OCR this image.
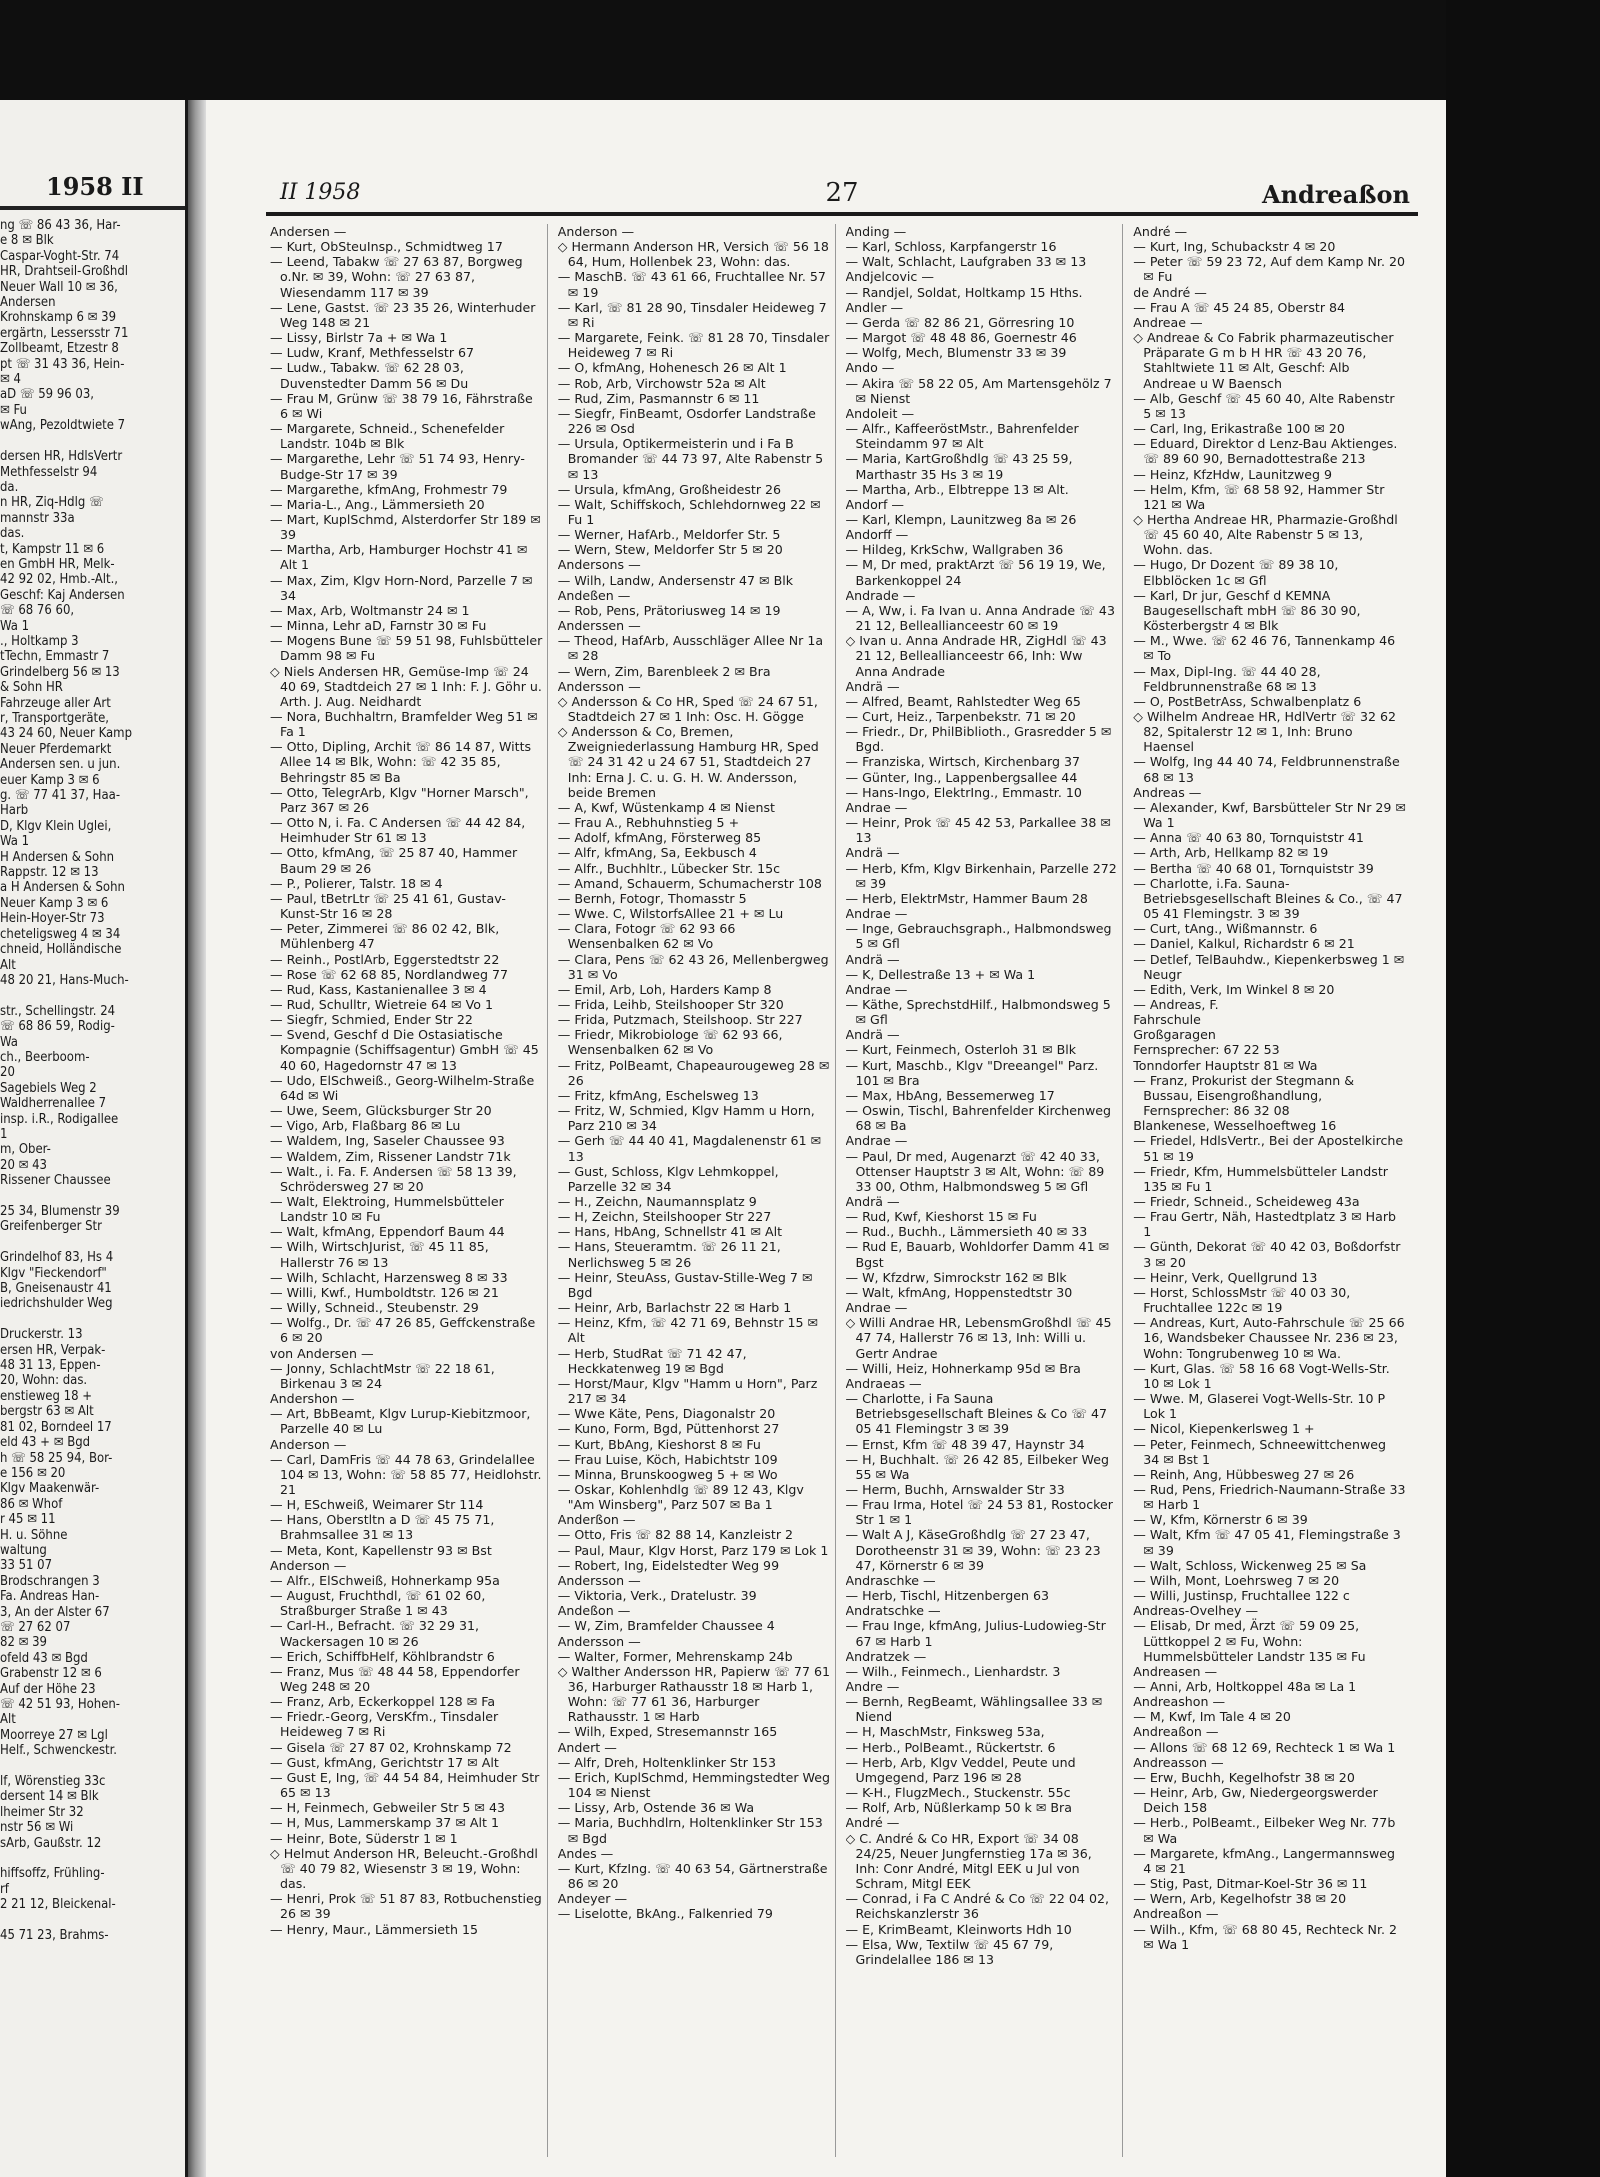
1958 II
ng ☏ 86 43 36, Har-
e 8 ✉ Blk
Caspar-Voght-Str. 74
HR, Drahtseil-Großhdl
Neuer Wall 10 ✉ 36,
Andersen
Krohnskamp 6 ✉ 39
ergärtn, Lessersstr 71
Zollbeamt, Etzestr 8
pt ☏ 31 43 36, Hein-
✉ 4
aD ☏ 59 96 03,
✉ Fu
wAng, Pezoldtwiete 7

dersen HR, HdlsVertr
Methfesselstr 94
da.
n HR, Ziq-Hdlg ☏
mannstr 33a
das.
t, Kampstr 11 ✉ 6
en GmbH HR, Melk-
42 92 02, Hmb.-Alt.,
Geschf: Kaj Andersen
☏ 68 76 60,
Wa 1
., Holtkamp 3
tTechn, Emmastr 7
Grindelberg 56 ✉ 13
& Sohn HR
Fahrzeuge aller Art
r, Transportgeräte,
43 24 60, Neuer Kamp
Neuer Pferdemarkt
Andersen sen. u jun.
euer Kamp 3 ✉ 6
g. ☏ 77 41 37, Haa-
Harb
D, Klgv Klein Uglei,
Wa 1
H Andersen & Sohn
Rappstr. 12 ✉ 13
a H Andersen & Sohn
Neuer Kamp 3 ✉ 6
Hein-Hoyer-Str 73
cheteligsweg 4 ✉ 34
chneid, Holländische
Alt
48 20 21, Hans-Much-

str., Schellingstr. 24
☏ 68 86 59, Rodig-
Wa
ch., Beerboom-
20
Sagebiels Weg 2
Waldherrenallee 7
insp. i.R., Rodigallee
1
m, Ober-
20 ✉ 43
Rissener Chaussee

25 34, Blumenstr 39
Greifenberger Str

Grindelhof 83, Hs 4
Klgv "Fieckendorf"
B, Gneisenaustr 41
iedrichshulder Weg

Druckerstr. 13
ersen HR, Verpak-
48 31 13, Eppen-
20, Wohn: das.
enstieweg 18 +
bergstr 63 ✉ Alt
81 02, Borndeel 17
eld 43 + ✉ Bgd
h ☏ 58 25 94, Bor-
e 156 ✉ 20
Klgv Maakenwär-
86 ✉ Whof
r 45 ✉ 11
H. u. Söhne
waltung
33 51 07
Brodschrangen 3
Fa. Andreas Han-
3, An der Alster 67
☏ 27 62 07
82 ✉ 39
ofeld 43 ✉ Bgd
Grabenstr 12 ✉ 6
Auf der Höhe 23
☏ 42 51 93, Hohen-
Alt
Moorreye 27 ✉ Lgl
Helf., Schwenckestr.

lf, Wörenstieg 33c
dersent 14 ✉ Blk
lheimer Str 32
nstr 56 ✉ Wi
sArb, Gaußstr. 12

hiffsoffz, Frühling-
rf
2 21 12, Bleickenal-

45 71 23, Brahms-
II 1958	27	Andreaßon

Andersen —

— Kurt, ObSteuInsp., Schmidtweg 17

— Leend, Tabakw ☏ 27 63 87, Borgweg o.Nr. ✉ 39, Wohn: ☏ 27 63 87, Wiesendamm 117 ✉ 39

— Lene, Gastst. ☏ 23 35 26, Winterhuder Weg 148 ✉ 21

— Lissy, Birlstr 7a + ✉ Wa 1

— Ludw, Kranf, Methfesselstr 67

— Ludw., Tabakw. ☏ 62 28 03, Duvenstedter Damm 56 ✉ Du

— Frau M, Grünw ☏ 38 79 16, Fährstraße 6 ✉ Wi

— Margarete, Schneid., Schenefelder Landstr. 104b ✉ Blk

— Margarethe, Lehr ☏ 51 74 93, Henry-Budge-Str 17 ✉ 39

— Margarethe, kfmAng, Frohmestr 79

— Maria-L., Ang., Lämmersieth 20

— Mart, KuplSchmd, Alsterdorfer Str 189 ✉ 39

— Martha, Arb, Hamburger Hochstr 41 ✉ Alt 1

— Max, Zim, Klgv Horn-Nord, Parzelle 7 ✉ 34

— Max, Arb, Woltmanstr 24 ✉ 1

— Minna, Lehr aD, Farnstr 30 ✉ Fu

— Mogens Bune ☏ 59 51 98, Fuhlsbütteler Damm 98 ✉ Fu

◇ Niels Andersen HR, Gemüse-Imp ☏ 24 40 69, Stadtdeich 27 ✉ 1 Inh: F. J. Göhr u. Arth. J. Aug. Neidhardt

— Nora, Buchhaltrn, Bramfelder Weg 51 ✉ Fa 1

— Otto, Dipling, Archit ☏ 86 14 87, Witts Allee 14 ✉ Blk, Wohn: ☏ 42 35 85, Behringstr 85 ✉ Ba

— Otto, TelegrArb, Klgv "Horner Marsch", Parz 367 ✉ 26

— Otto N, i. Fa. C Andersen ☏ 44 42 84, Heimhuder Str 61 ✉ 13

— Otto, kfmAng, ☏ 25 87 40, Hammer Baum 29 ✉ 26

— P., Polierer, Talstr. 18 ✉ 4

— Paul, tBetrLtr ☏ 25 41 61, Gustav-Kunst-Str 16 ✉ 28

— Peter, Zimmerei ☏ 86 02 42, Blk, Mühlenberg 47

— Reinh., PostlArb, Eggerstedtstr 22

— Rose ☏ 62 68 85, Nordlandweg 77

— Rud, Kass, Kastanienallee 3 ✉ 4

— Rud, Schulltr, Wietreie 64 ✉ Vo 1

— Siegfr, Schmied, Ender Str 22

— Svend, Geschf d Die Ostasiatische Kompagnie (Schiffsagentur) GmbH ☏ 45 40 60, Hagedornstr 47 ✉ 13

— Udo, ElSchweiß., Georg-Wilhelm-Straße 64d ✉ Wi

— Uwe, Seem, Glücksburger Str 20

— Vigo, Arb, Flaßbarg 86 ✉ Lu

— Waldem, Ing, Saseler Chaussee 93

— Waldem, Zim, Rissener Landstr 71k

— Walt., i. Fa. F. Andersen ☏ 58 13 39, Schrödersweg 27 ✉ 20

— Walt, Elektroing, Hummelsbütteler Landstr 10 ✉ Fu

— Walt, kfmAng, Eppendorf Baum 44

— Wilh, WirtschJurist, ☏ 45 11 85, Hallerstr 76 ✉ 13

— Wilh, Schlacht, Harzensweg 8 ✉ 33

— Willi, Kwf., Humboldtstr. 126 ✉ 21

— Willy, Schneid., Steubenstr. 29

— Wolfg., Dr. ☏ 47 26 85, Geffckenstraße 6 ✉ 20

von Andersen —

— Jonny, SchlachtMstr ☏ 22 18 61, Birkenau 3 ✉ 24

Andershon —

— Art, BbBeamt, Klgv Lurup-Kiebitzmoor, Parzelle 40 ✉ Lu

Anderson —

— Carl, DamFris ☏ 44 78 63, Grindelallee 104 ✉ 13, Wohn: ☏ 58 85 77, Heidlohstr. 21

— H, ESchweiß, Weimarer Str 114

— Hans, Oberstltn a D ☏ 45 75 71, Brahmsallee 31 ✉ 13

— Meta, Kont, Kapellenstr 93 ✉ Bst

Anderson —

— Alfr., ElSchweiß, Hohnerkamp 95a

— August, Fruchthdl, ☏ 61 02 60, Straßburger Straße 1 ✉ 43

— Carl-H., Befracht. ☏ 32 29 31, Wackersagen 10 ✉ 26

— Erich, SchiffbHelf, Köhlbrandstr 6

— Franz, Mus ☏ 48 44 58, Eppendorfer Weg 248 ✉ 20

— Franz, Arb, Eckerkoppel 128 ✉ Fa

— Friedr.-Georg, VersKfm., Tinsdaler Heideweg 7 ✉ Ri

— Gisela ☏ 27 87 02, Krohnskamp 72

— Gust, kfmAng, Gerichtstr 17 ✉ Alt

— Gust E, Ing, ☏ 44 54 84, Heimhuder Str 65 ✉ 13

— H, Feinmech, Gebweiler Str 5 ✉ 43

— H, Mus, Lammerskamp 37 ✉ Alt 1

— Heinr, Bote, Süderstr 1 ✉ 1

◇ Helmut Anderson HR, Beleucht.-Großhdl ☏ 40 79 82, Wiesenstr 3 ✉ 19, Wohn: das.

— Henri, Prok ☏ 51 87 83, Rotbuchenstieg 26 ✉ 39

— Henry, Maur., Lämmersieth 15

Anderson —

◇ Hermann Anderson HR, Versich ☏ 56 18 64, Hum, Hollenbek 23, Wohn: das.

— MaschB. ☏ 43 61 66, Fruchtallee Nr. 57 ✉ 19

— Karl, ☏ 81 28 90, Tinsdaler Heideweg 7 ✉ Ri

— Margarete, Feink. ☏ 81 28 70, Tinsdaler Heideweg 7 ✉ Ri

— O, kfmAng, Hohenesch 26 ✉ Alt 1

— Rob, Arb, Virchowstr 52a ✉ Alt

— Rud, Zim, Pasmannstr 6 ✉ 11

— Siegfr, FinBeamt, Osdorfer Landstraße 226 ✉ Osd

— Ursula, Optikermeisterin und i Fa B Bromander ☏ 44 73 97, Alte Rabenstr 5 ✉ 13

— Ursula, kfmAng, Großheidestr 26

— Walt, Schiffskoch, Schlehdornweg 22 ✉ Fu 1

— Werner, HafArb., Meldorfer Str. 5

— Wern, Stew, Meldorfer Str 5 ✉ 20

Andersons —

— Wilh, Landw, Andersenstr 47 ✉ Blk

Andeßen —

— Rob, Pens, Prätoriusweg 14 ✉ 19

Anderssen —

— Theod, HafArb, Ausschläger Allee Nr 1a ✉ 28

— Wern, Zim, Barenbleek 2 ✉ Bra

Andersson —

◇ Andersson & Co HR, Sped ☏ 24 67 51, Stadtdeich 27 ✉ 1 Inh: Osc. H. Gögge

◇ Andersson & Co, Bremen, Zweigniederlassung Hamburg HR, Sped ☏ 24 31 42 u 24 67 51, Stadtdeich 27 Inh: Erna J. C. u. G. H. W. Andersson, beide Bremen

— A, Kwf, Wüstenkamp 4 ✉ Nienst

— Frau A., Rebhuhnstieg 5 +

— Adolf, kfmAng, Försterweg 85

— Alfr, kfmAng, Sa, Eekbusch 4

— Alfr., Buchhltr., Lübecker Str. 15c

— Amand, Schauerm, Schumacherstr 108

— Bernh, Fotogr, Thomasstr 5

— Wwe. C, WilstorfsAllee 21 + ✉ Lu

— Clara, Fotogr ☏ 62 93 66 Wensenbalken 62 ✉ Vo

— Clara, Pens ☏ 62 43 26, Mellenbergweg 31 ✉ Vo

— Emil, Arb, Loh, Harders Kamp 8

— Frida, Leihb, Steilshooper Str 320

— Frida, Putzmach, Steilshoop. Str 227

— Friedr, Mikrobiologe ☏ 62 93 66, Wensenbalken 62 ✉ Vo

— Fritz, PolBeamt, Chapeaurougeweg 28 ✉ 26

— Fritz, kfmAng, Eschelsweg 13

— Fritz, W, Schmied, Klgv Hamm u Horn, Parz 210 ✉ 34

— Gerh ☏ 44 40 41, Magdalenenstr 61 ✉ 13

— Gust, Schloss, Klgv Lehmkoppel, Parzelle 32 ✉ 34

— H., Zeichn, Naumannsplatz 9

— H, Zeichn, Steilshooper Str 227

— Hans, HbAng, Schnellstr 41 ✉ Alt

— Hans, Steueramtm. ☏ 26 11 21, Nerlichsweg 5 ✉ 26

— Heinr, SteuAss, Gustav-Stille-Weg 7 ✉ Bgd

— Heinr, Arb, Barlachstr 22 ✉ Harb 1

— Heinz, Kfm, ☏ 42 71 69, Behnstr 15 ✉ Alt

— Herb, StudRat ☏ 71 42 47, Heckkatenweg 19 ✉ Bgd

— Horst/Maur, Klgv "Hamm u Horn", Parz 217 ✉ 34

— Wwe Käte, Pens, Diagonalstr 20

— Kuno, Form, Bgd, Püttenhorst 27

— Kurt, BbAng, Kieshorst 8 ✉ Fu

— Frau Luise, Köch, Habichtstr 109

— Minna, Brunskoogweg 5 + ✉ Wo

— Oskar, Kohlenhdlg ☏ 89 12 43, Klgv "Am Winsberg", Parz 507 ✉ Ba 1

Anderßon —

— Otto, Fris ☏ 82 88 14, Kanzleistr 2

— Paul, Maur, Klgv Horst, Parz 179 ✉ Lok 1

— Robert, Ing, Eidelstedter Weg 99

Andersson —

— Viktoria, Verk., Dratelustr. 39

Andeßon —

— W, Zim, Bramfelder Chaussee 4

Andersson —

— Walter, Former, Mehrenskamp 24b

◇ Walther Andersson HR, Papierw ☏ 77 61 36, Harburger Rathausstr 18 ✉ Harb 1, Wohn: ☏ 77 61 36, Harburger Rathausstr. 1 ✉ Harb

— Wilh, Exped, Stresemannstr 165

Andert —

— Alfr, Dreh, Holtenklinker Str 153

— Erich, KuplSchmd, Hemmingstedter Weg 104 ✉ Nienst

— Lissy, Arb, Ostende 36 ✉ Wa

— Maria, Buchhdlrn, Holtenklinker Str 153 ✉ Bgd

Andes —

— Kurt, KfzIng. ☏ 40 63 54, Gärtnerstraße 86 ✉ 20

Andeyer —

— Liselotte, BkAng., Falkenried 79

Anding —

— Karl, Schloss, Karpfangerstr 16

— Walt, Schlacht, Laufgraben 33 ✉ 13

Andjelcovic —

— Randjel, Soldat, Holtkamp 15 Hths.

Andler —

— Gerda ☏ 82 86 21, Görresring 10

— Margot ☏ 48 48 86, Goernestr 46

— Wolfg, Mech, Blumenstr 33 ✉ 39

Ando —

— Akira ☏ 58 22 05, Am Martensgehölz 7 ✉ Nienst

Andoleit —

— Alfr., KaffeeröstMstr., Bahrenfelder Steindamm 97 ✉ Alt

— Maria, KartGroßhdlg ☏ 43 25 59, Marthastr 35 Hs 3 ✉ 19

— Martha, Arb., Elbtreppe 13 ✉ Alt.

Andorf —

— Karl, Klempn, Launitzweg 8a ✉ 26

Andorff —

— Hildeg, KrkSchw, Wallgraben 36

— M, Dr med, praktArzt ☏ 56 19 19, We, Barkenkoppel 24

Andrade —

— A, Ww, i. Fa Ivan u. Anna Andrade ☏ 43 21 12, Belleallianceestr 60 ✉ 19

◇ Ivan u. Anna Andrade HR, ZigHdl ☏ 43 21 12, Belleallianceestr 66, Inh: Ww Anna Andrade

Andrä —

— Alfred, Beamt, Rahlstedter Weg 65

— Curt, Heiz., Tarpenbekstr. 71 ✉ 20

— Friedr., Dr, PhilBiblioth., Grasredder 5 ✉ Bgd.

— Franziska, Wirtsch, Kirchenbarg 37

— Günter, Ing., Lappenbergsallee 44

— Hans-Ingo, ElektrIng., Emmastr. 10

Andrae —

— Heinr, Prok ☏ 45 42 53, Parkallee 38 ✉ 13

Andrä —

— Herb, Kfm, Klgv Birkenhain, Parzelle 272 ✉ 39

— Herb, ElektrMstr, Hammer Baum 28

Andrae —

— Inge, Gebrauchsgraph., Halbmondsweg 5 ✉ Gfl

Andrä —

— K, Dellestraße 13 + ✉ Wa 1

Andrae —

— Käthe, SprechstdHilf., Halbmondsweg 5 ✉ Gfl

Andrä —

— Kurt, Feinmech, Osterloh 31 ✉ Blk

— Kurt, Maschb., Klgv "Dreeangel" Parz. 101 ✉ Bra

— Max, HbAng, Bessemerweg 17

— Oswin, Tischl, Bahrenfelder Kirchenweg 68 ✉ Ba

Andrae —

— Paul, Dr med, Augenarzt ☏ 42 40 33, Ottenser Hauptstr 3 ✉ Alt, Wohn: ☏ 89 33 00, Othm, Halbmondsweg 5 ✉ Gfl

Andrä —

— Rud, Kwf, Kieshorst 15 ✉ Fu

— Rud., Buchh., Lämmersieth 40 ✉ 33

— Rud E, Bauarb, Wohldorfer Damm 41 ✉ Bgst

— W, Kfzdrw, Simrockstr 162 ✉ Blk

— Walt, kfmAng, Hoppenstedtstr 30

Andrae —

◇ Willi Andrae HR, LebensmGroßhdl ☏ 45 47 74, Hallerstr 76 ✉ 13, Inh: Willi u. Gertr Andrae

— Willi, Heiz, Hohnerkamp 95d ✉ Bra

Andraeas —

— Charlotte, i Fa Sauna Betriebsgesellschaft Bleines & Co ☏ 47 05 41 Flemingstr 3 ✉ 39

— Ernst, Kfm ☏ 48 39 47, Haynstr 34

— H, Buchhalt. ☏ 26 42 85, Eilbeker Weg 55 ✉ Wa

— Herm, Buchh, Arnswalder Str 33

— Frau Irma, Hotel ☏ 24 53 81, Rostocker Str 1 ✉ 1

— Walt A J, KäseGroßhdlg ☏ 27 23 47, Dorotheenstr 31 ✉ 39, Wohn: ☏ 23 23 47, Körnerstr 6 ✉ 39

Andraschke —

— Herb, Tischl, Hitzenbergen 63

Andratschke —

— Frau Inge, kfmAng, Julius-Ludowieg-Str 67 ✉ Harb 1

Andratzek —

— Wilh., Feinmech., Lienhardstr. 3

Andre —

— Bernh, RegBeamt, Wählingsallee 33 ✉ Niend

— H, MaschMstr, Finksweg 53a,

— Herb., PolBeamt., Rückertstr. 6

— Herb, Arb, Klgv Veddel, Peute und Umgegend, Parz 196 ✉ 28

— K-H., FlugzMech., Stuckenstr. 55c

— Rolf, Arb, Nüßlerkamp 50 k ✉ Bra

André —

◇ C. André & Co HR, Export ☏ 34 08 24/25, Neuer Jungfernstieg 17a ✉ 36, Inh: Conr André, Mitgl EEK u Jul von Schram, Mitgl EEK

— Conrad, i Fa C André & Co ☏ 22 04 02, Reichskanzlerstr 36

— E, KrimBeamt, Kleinworts Hdh 10

— Elsa, Ww, Textilw ☏ 45 67 79, Grindelallee 186 ✉ 13

André —

— Kurt, Ing, Schubackstr 4 ✉ 20

— Peter ☏ 59 23 72, Auf dem Kamp Nr. 20 ✉ Fu

de André —

— Frau A ☏ 45 24 85, Oberstr 84

Andreae —

◇ Andreae & Co Fabrik pharmazeutischer Präparate G m b H HR ☏ 43 20 76, Stahltwiete 11 ✉ Alt, Geschf: Alb Andreae u W Baensch

— Alb, Geschf ☏ 45 60 40, Alte Rabenstr 5 ✉ 13

— Carl, Ing, Erikastraße 100 ✉ 20

— Eduard, Direktor d Lenz-Bau Aktienges. ☏ 89 60 90, Bernadottestraße 213

— Heinz, KfzHdw, Launitzweg 9

— Helm, Kfm, ☏ 68 58 92, Hammer Str 121 ✉ Wa

◇ Hertha Andreae HR, Pharmazie-Großhdl ☏ 45 60 40, Alte Rabenstr 5 ✉ 13, Wohn. das.

— Hugo, Dr Dozent ☏ 89 38 10, Elbblöcken 1c ✉ Gfl

— Karl, Dr jur, Geschf d KEMNA Baugesellschaft mbH ☏ 86 30 90, Kösterbergstr 4 ✉ Blk

— M., Wwe. ☏ 62 46 76, Tannenkamp 46 ✉ To

— Max, Dipl-Ing. ☏ 44 40 28, Feldbrunnenstraße 68 ✉ 13

— O, PostBetrAss, Schwalbenplatz 6

◇ Wilhelm Andreae HR, HdlVertr ☏ 32 62 82, Spitalerstr 12 ✉ 1, Inh: Bruno Haensel

— Wolfg, Ing 44 40 74, Feldbrunnenstraße 68 ✉ 13

Andreas —

— Alexander, Kwf, Barsbütteler Str Nr 29 ✉ Wa 1

— Anna ☏ 40 63 80, Tornquiststr 41

— Arth, Arb, Hellkamp 82 ✉ 19

— Bertha ☏ 40 68 01, Tornquiststr 39

— Charlotte, i.Fa. Sauna-Betriebsgesellschaft Bleines & Co., ☏ 47 05 41 Flemingstr. 3 ✉ 39

— Curt, tAng., Wißmannstr. 6

— Daniel, Kalkul, Richardstr 6 ✉ 21

— Detlef, TelBauhdw., Kiepenkerbsweg 1 ✉ Neugr

— Edith, Verk, Im Winkel 8 ✉ 20

— Andreas, F.

Fahrschule

Großgaragen

Fernsprecher: 67 22 53

Tonndorfer Hauptstr 81 ✉ Wa

— Franz, Prokurist der Stegmann & Bussau, Eisengroßhandlung, Fernsprecher: 86 32 08

Blankenese, Wesselhoeftweg 16

— Friedel, HdlsVertr., Bei der Apostelkirche 51 ✉ 19

— Friedr, Kfm, Hummelsbütteler Landstr 135 ✉ Fu 1

— Friedr, Schneid., Scheideweg 43a

— Frau Gertr, Näh, Hastedtplatz 3 ✉ Harb 1

— Günth, Dekorat ☏ 40 42 03, Boßdorfstr 3 ✉ 20

— Heinr, Verk, Quellgrund 13

— Horst, SchlossMstr ☏ 40 03 30, Fruchtallee 122c ✉ 19

— Andreas, Kurt, Auto-Fahrschule ☏ 25 66 16, Wandsbeker Chaussee Nr. 236 ✉ 23, Wohn: Tongrubenweg 10 ✉ Wa.

— Kurt, Glas. ☏ 58 16 68 Vogt-Wells-Str. 10 ✉ Lok 1

— Wwe. M, Glaserei Vogt-Wells-Str. 10 P Lok 1

— Nicol, Kiepenkerlsweg 1 +

— Peter, Feinmech, Schneewittchenweg 34 ✉ Bst 1

— Reinh, Ang, Hübbesweg 27 ✉ 26

— Rud, Pens, Friedrich-Naumann-Straße 33 ✉ Harb 1

— W, Kfm, Körnerstr 6 ✉ 39

— Walt, Kfm ☏ 47 05 41, Flemingstraße 3 ✉ 39

— Walt, Schloss, Wickenweg 25 ✉ Sa

— Wilh, Mont, Loehrsweg 7 ✉ 20

— Willi, Justinsp, Fruchtallee 122 c

Andreas-Ovelhey —

— Elisab, Dr med, Ärzt ☏ 59 09 25, Lüttkoppel 2 ✉ Fu, Wohn: Hummelsbütteler Landstr 135 ✉ Fu

Andreasen —

— Anni, Arb, Holtkoppel 48a ✉ La 1

Andreashon —

— M, Kwf, Im Tale 4 ✉ 20

Andreaßon —

— Allons ☏ 68 12 69, Rechteck 1 ✉ Wa 1

Andreasson —

— Erw, Buchh, Kegelhofstr 38 ✉ 20

— Heinr, Arb, Gw, Niedergeorgswerder Deich 158

— Herb., PolBeamt., Eilbeker Weg Nr. 77b ✉ Wa

— Margarete, kfmAng., Langermannsweg 4 ✉ 21

— Stig, Past, Ditmar-Koel-Str 36 ✉ 11

— Wern, Arb, Kegelhofstr 38 ✉ 20

Andreaßon —

— Wilh., Kfm, ☏ 68 80 45, Rechteck Nr. 2 ✉ Wa 1
